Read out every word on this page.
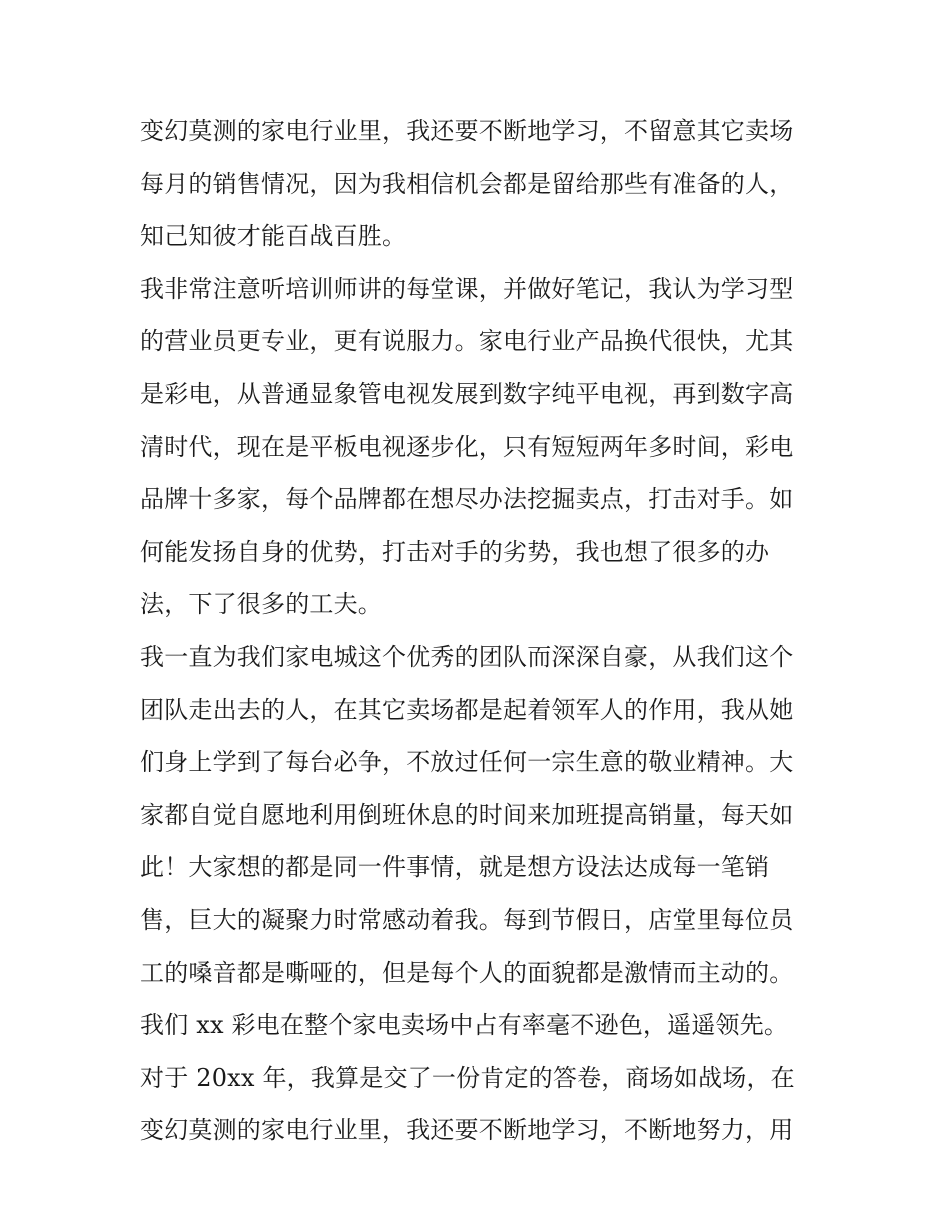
变幻莫测的家电行业里，我还要不断地学习，不留意其它卖场
每月的销售情况，因为我相信机会都是留给那些有准备的人，
知己知彼才能百战百胜。
我非常注意听培训师讲的每堂课，并做好笔记，我认为学习型
的营业员更专业，更有说服力。家电行业产品换代很快，尤其
是彩电，从普通显象管电视发展到数字纯平电视，再到数字高
清时代，现在是平板电视逐步化，只有短短两年多时间，彩电
品牌十多家，每个品牌都在想尽办法挖掘卖点，打击对手。如
何能发扬自身的优势，打击对手的劣势，我也想了很多的办
法，下了很多的工夫。
我一直为我们家电城这个优秀的团队而深深自豪，从我们这个
团队走出去的人，在其它卖场都是起着领军人的作用，我从她
们身上学到了每台必争，不放过任何一宗生意的敬业精神。大
家都自觉自愿地利用倒班休息的时间来加班提高销量，每天如
此！大家想的都是同一件事情，就是想方设法达成每一笔销
售，巨大的凝聚力时常感动着我。每到节假日，店堂里每位员
工的嗓音都是嘶哑的，但是每个人的面貌都是激情而主动的。
我们 xx 彩电在整个家电卖场中占有率毫不逊色，遥遥领先。
对于 20xx 年，我算是交了一份肯定的答卷，商场如战场，在
变幻莫测的家电行业里，我还要不断地学习，不断地努力，用
